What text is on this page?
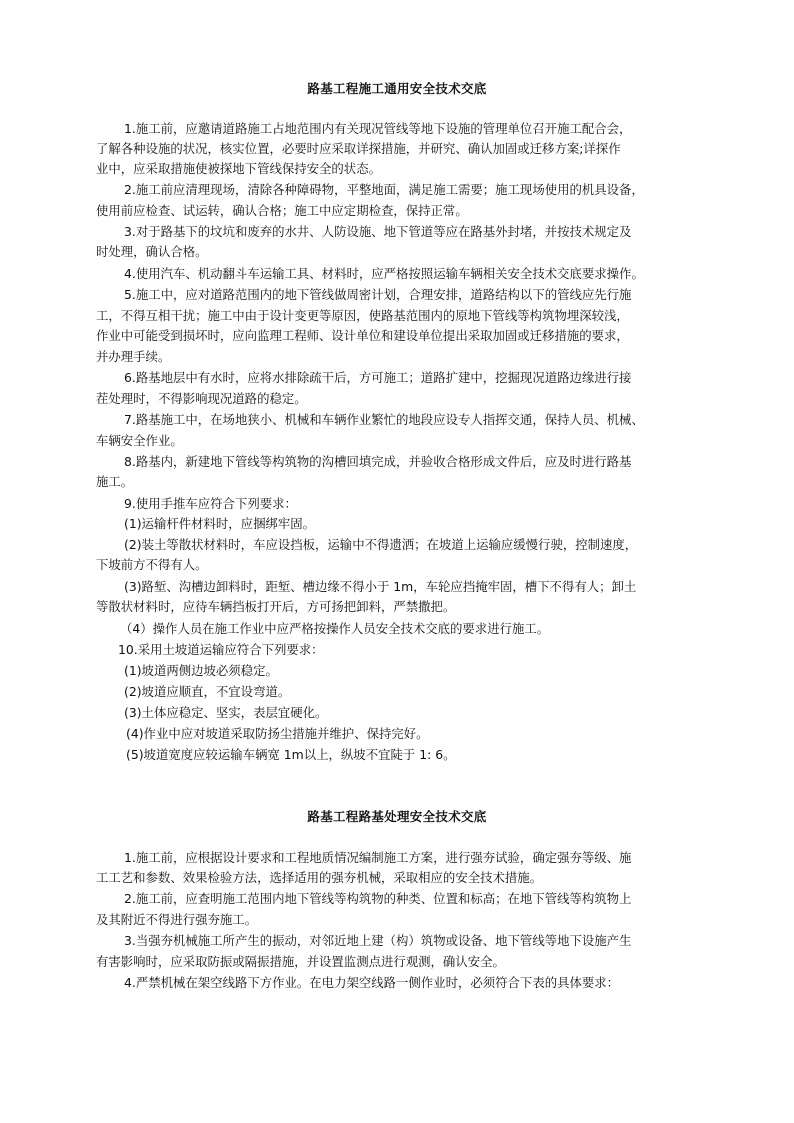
路基工程施工通用安全技术交底
1.施工前，应邀请道路施工占地范围内有关现况管线等地下设施的管理单位召开施工配合会，
了解各种设施的状况，核实位置，必要时应采取详探措施，并研究、确认加固或迁移方案;详探作
业中，应采取措施使被探地下管线保持安全的状态。
2.施工前应清理现场，清除各种障碍物，平整地面，满足施工需要；施工现场使用的机具设备，
使用前应检查、试运转，确认合格；施工中应定期检查，保持正常。
3.对于路基下的坟坑和废弃的水井、人防设施、地下管道等应在路基外封堵，并按技术规定及
时处理，确认合格。
4.使用汽车、机动翻斗车运输工具、材料时，应严格按照运输车辆相关安全技术交底要求操作。
5.施工中，应对道路范围内的地下管线做周密计划，合理安排，道路结构以下的管线应先行施
工，不得互相干扰；施工中由于设计变更等原因，使路基范围内的原地下管线等构筑物埋深较浅，
作业中可能受到损坏时，应向监理工程师、设计单位和建设单位提出采取加固或迁移措施的要求，
并办理手续。
6.路基地层中有水时，应将水排除疏干后，方可施工；道路扩建中，挖掘现况道路边缘进行接
茬处理时，不得影响现况道路的稳定。
7.路基施工中，在场地狭小、机械和车辆作业繁忙的地段应设专人指挥交通，保持人员、机械、
车辆安全作业。
8.路基内，新建地下管线等构筑物的沟槽回填完成，并验收合格形成文件后，应及时进行路基
施工。
9.使用手推车应符合下列要求：
(1)运输杆件材料时，应捆绑牢固。
(2)装土等散状材料时，车应设挡板，运输中不得遗洒；在坡道上运输应缓慢行驶，控制速度，
下坡前方不得有人。
(3)路堑、沟槽边卸料时，距堑、槽边缘不得小于 1m，车轮应挡掩牢固，槽下不得有人；卸土
等散状材料时，应待车辆挡板打开后，方可扬把卸料，严禁撒把。
（4）操作人员在施工作业中应严格按操作人员安全技术交底的要求进行施工。
10.采用土坡道运输应符合下列要求：
(1)坡道两侧边坡必须稳定。
(2)坡道应顺直，不宜设弯道。
(3)土体应稳定、坚实，表层宜硬化。
(4)作业中应对坡道采取防扬尘措施并维护、保持完好。
(5)坡道宽度应较运输车辆宽 1m以上，纵坡不宜陡于 1: 6。
路基工程路基处理安全技术交底
1.施工前，应根据设计要求和工程地质情况编制施工方案，进行强夯试验，确定强夯等级、施
工工艺和参数、效果检验方法，选择适用的强夯机械，采取相应的安全技术措施。
2.施工前，应查明施工范围内地下管线等构筑物的种类、位置和标高；在地下管线等构筑物上
及其附近不得进行强夯施工。
3.当强夯机械施工所产生的振动，对邻近地上建（构）筑物或设备、地下管线等地下设施产生
有害影响时，应采取防振或隔振措施，并设置监测点进行观测，确认安全。
4.严禁机械在架空线路下方作业。在电力架空线路一侧作业时，必须符合下表的具体要求：
